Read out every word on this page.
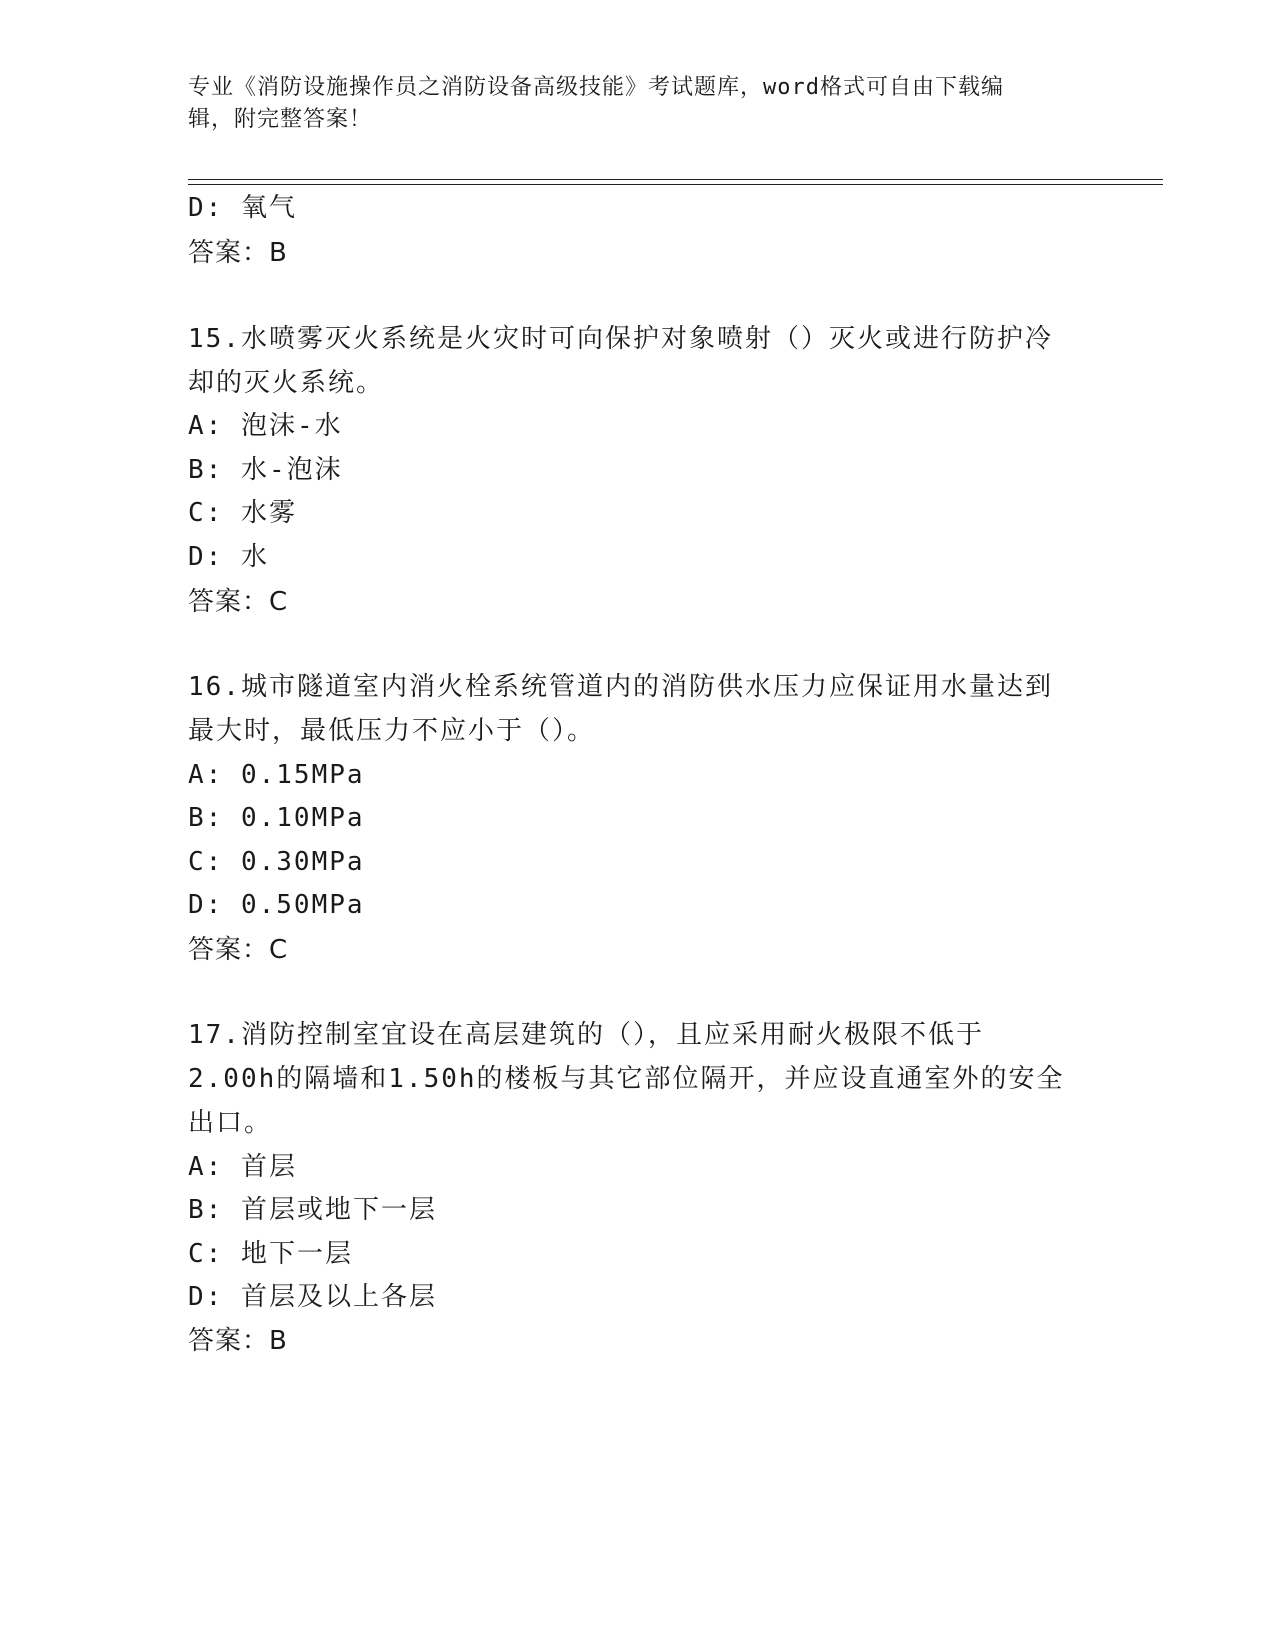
专业《消防设施操作员之消防设备高级技能》考试题库，word格式可自由下载编
辑，附完整答案！
D: 氧气
答案：B
15.水喷雾灭火系统是火灾时可向保护对象喷射（）灭火或进行防护冷
却的灭火系统。
A: 泡沫-水
B: 水-泡沫
C: 水雾
D: 水
答案：C
16.城市隧道室内消火栓系统管道内的消防供水压力应保证用水量达到
最大时，最低压力不应小于（）。
A: 0.15MPa
B: 0.10MPa
C: 0.30MPa
D: 0.50MPa
答案：C
17.消防控制室宜设在高层建筑的（），且应采用耐火极限不低于
2.00h的隔墙和1.50h的楼板与其它部位隔开，并应设直通室外的安全
出口。
A: 首层
B: 首层或地下一层
C: 地下一层
D: 首层及以上各层
答案：B
